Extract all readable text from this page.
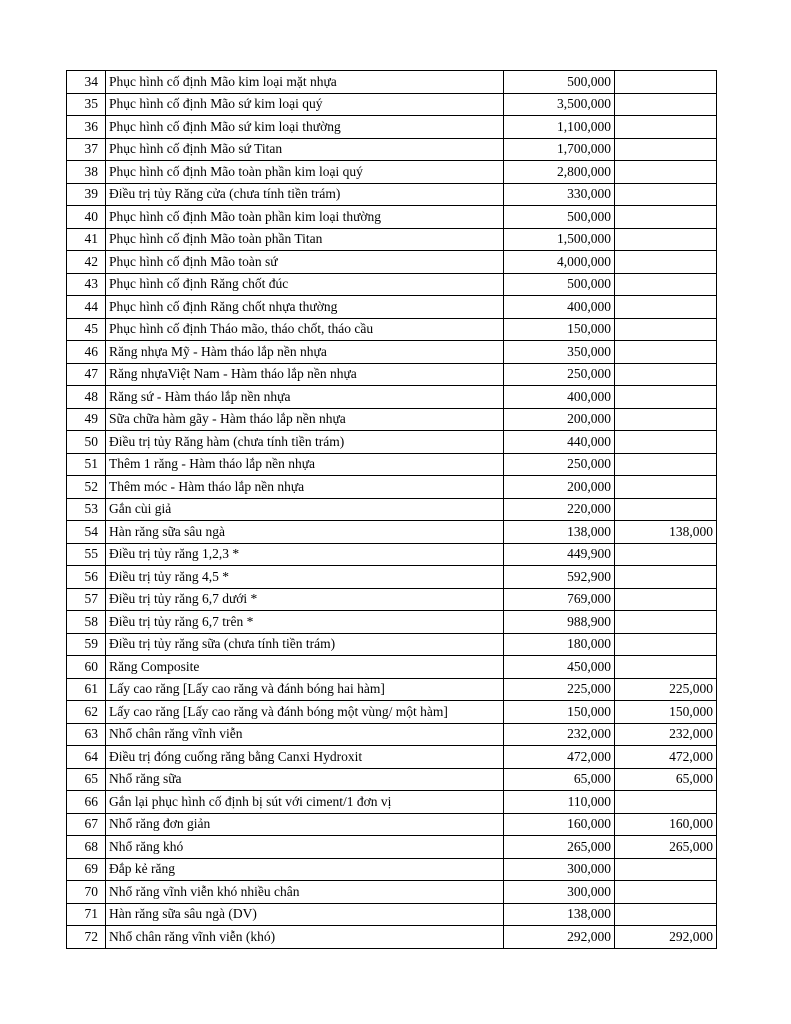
34	Phục hình cố định Mão kim loại mặt nhựa	500,000	
35	Phục hình cố định Mão sứ kim loại quý	3,500,000	
36	Phục hình cố định Mão sứ kim loại thường	1,100,000	
37	Phục hình cố định Mão sứ Titan	1,700,000	
38	Phục hình cố định Mão toàn phần kim loại quý	2,800,000	
39	Điều trị tủy Răng cửa (chưa tính tiền trám)	330,000	
40	Phục hình cố định Mão toàn phần kim loại thường	500,000	
41	Phục hình cố định Mão toàn phần Titan	1,500,000	
42	Phục hình cố định Mão toàn sứ	4,000,000	
43	Phục hình cố định Răng chốt đúc	500,000	
44	Phục hình cố định Răng chốt nhựa thường	400,000	
45	Phục hình cố định Tháo mão, tháo chốt, tháo cầu	150,000	
46	Răng nhựa Mỹ - Hàm tháo lắp nền nhựa	350,000	
47	Răng nhựaViệt Nam - Hàm tháo lắp nền nhựa	250,000	
48	Răng sứ - Hàm tháo lắp nền nhựa	400,000	
49	Sữa chữa hàm gãy - Hàm tháo lắp nền nhựa	200,000	
50	Điều trị tủy Răng hàm (chưa tính tiền trám)	440,000	
51	Thêm 1 răng - Hàm tháo lắp nền nhựa	250,000	
52	Thêm móc - Hàm tháo lắp nền nhựa	200,000	
53	Gắn cùi giả	220,000	
54	Hàn răng sữa sâu ngà	138,000	138,000
55	Điều trị tủy răng 1,2,3 *	449,900	
56	Điều trị tủy răng 4,5 *	592,900	
57	Điều trị tủy răng 6,7 dưới *	769,000	
58	Điều trị tủy răng 6,7 trên *	988,900	
59	Điều trị tủy răng sữa (chưa tính tiền trám)	180,000	
60	Răng Composite	450,000	
61	Lấy cao răng [Lấy cao răng và đánh bóng hai hàm]	225,000	225,000
62	Lấy cao răng [Lấy cao răng và đánh bóng một vùng/ một hàm]	150,000	150,000
63	Nhổ chân răng vĩnh viễn	232,000	232,000
64	Điều trị đóng cuống răng bằng Canxi Hydroxit	472,000	472,000
65	Nhổ răng sữa	65,000	65,000
66	Gắn lại phục hình cố định bị sút với ciment/1 đơn vị	110,000	
67	Nhổ răng đơn giản	160,000	160,000
68	Nhổ răng khó	265,000	265,000
69	Đắp kẻ răng	300,000	
70	Nhổ răng vĩnh viễn khó nhiều chân	300,000	
71	Hàn răng sữa sâu ngà (DV)	138,000	
72	Nhổ chân răng vĩnh viễn (khó)	292,000	292,000
